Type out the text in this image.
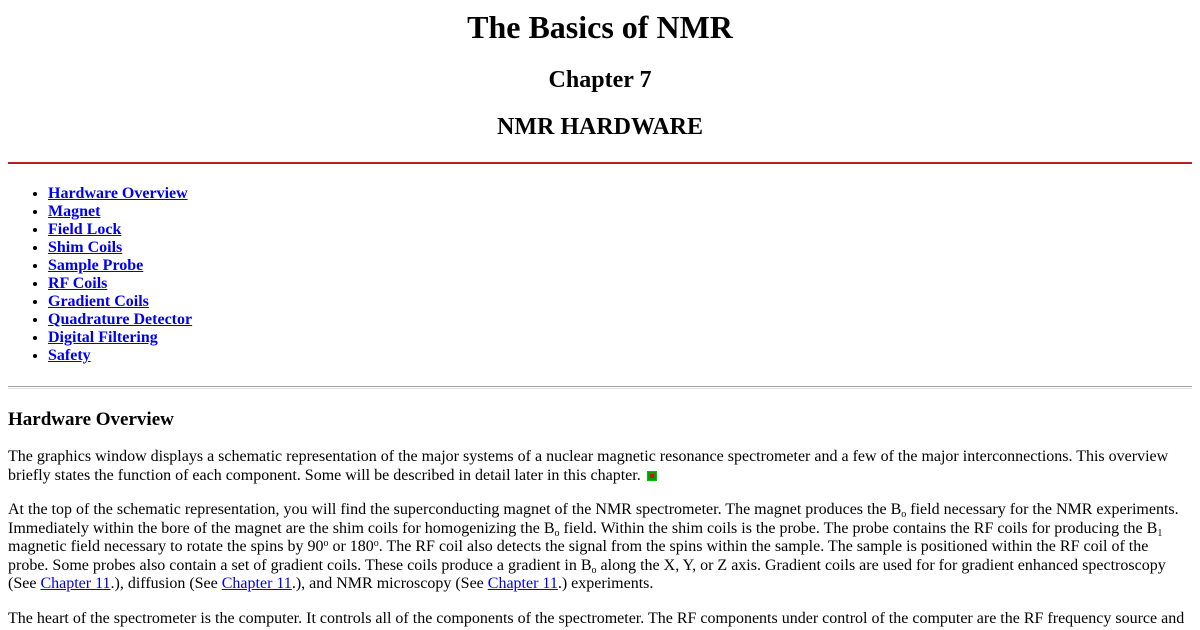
The Basics of NMR
Chapter 7
NMR HARDWARE
• Hardware Overview
• Magnet
• Field Lock
• Shim Coils
• Sample Probe
• RF Coils
• Gradient Coils
• Quadrature Detector
• Digital Filtering
• Safety
Hardware Overview

The graphics window displays a schematic representation of the major systems of a nuclear magnetic resonance spectrometer and a few of the major interconnections. This overview briefly states the function of each component. Some will be described in detail later in this chapter.

At the top of the schematic representation, you will find the superconducting magnet of the NMR spectrometer. The magnet produces the $B_o$ field necessary for the NMR experiments. Immediately within the bore of the magnet are the shim coils for homogenizing the $B_o$ field. Within the shim coils is the probe. The probe contains the RF coils for producing the $B_1$ magnetic field necessary to rotate the spins by 90$^o$ or 180$^o$. The RF coil also detects the signal from the spins within the sample. The sample is positioned within the RF coil of the probe. Some probes also contain a set of gradient coils. These coils produce a gradient in $B_o$ along the X, Y, or Z axis. Gradient coils are used for for gradient enhanced spectroscopy (See Chapter 11.), diffusion (See Chapter 11.), and NMR microscopy (See Chapter 11.) experiments.

The heart of the spectrometer is the computer. It controls all of the components of the spectrometer. The RF components under control of the computer are the RF frequency source and
